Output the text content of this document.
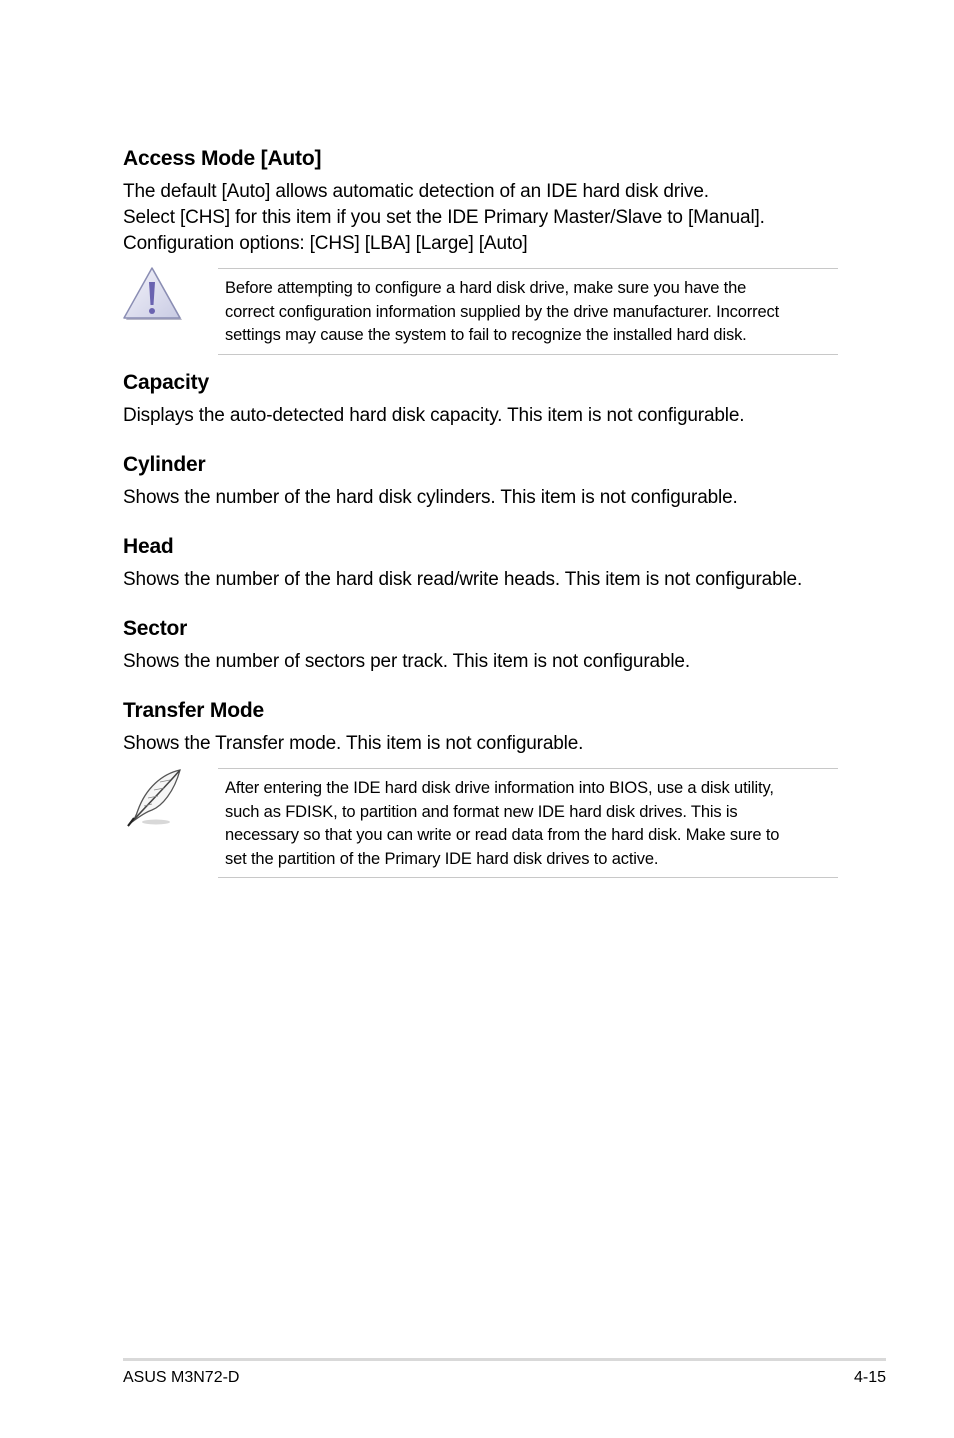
Access Mode [Auto]

The default [Auto] allows automatic detection of an IDE hard disk drive.

Select [CHS] for this item if you set the IDE Primary Master/Slave to [Manual].

Configuration options: [CHS] [LBA] [Large] [Auto]

Before attempting to configure a hard disk drive, make sure you have the

correct configuration information supplied by the drive manufacturer. Incorrect

settings may cause the system to fail to recognize the installed hard disk.

Capacity

Displays the auto-detected hard disk capacity. This item is not configurable.

Cylinder

Shows the number of the hard disk cylinders. This item is not configurable.

Head

Shows the number of the hard disk read/write heads. This item is not configurable.

Sector

Shows the number of sectors per track. This item is not configurable.

Transfer Mode

Shows the Transfer mode. This item is not configurable.

After entering the IDE hard disk drive information into BIOS, use a disk utility,

such as FDISK, to partition and format new IDE hard disk drives. This is

necessary so that you can write or read data from the hard disk. Make sure to

set the partition of the Primary IDE hard disk drives to active.

ASUS M3N72-D	4-15
